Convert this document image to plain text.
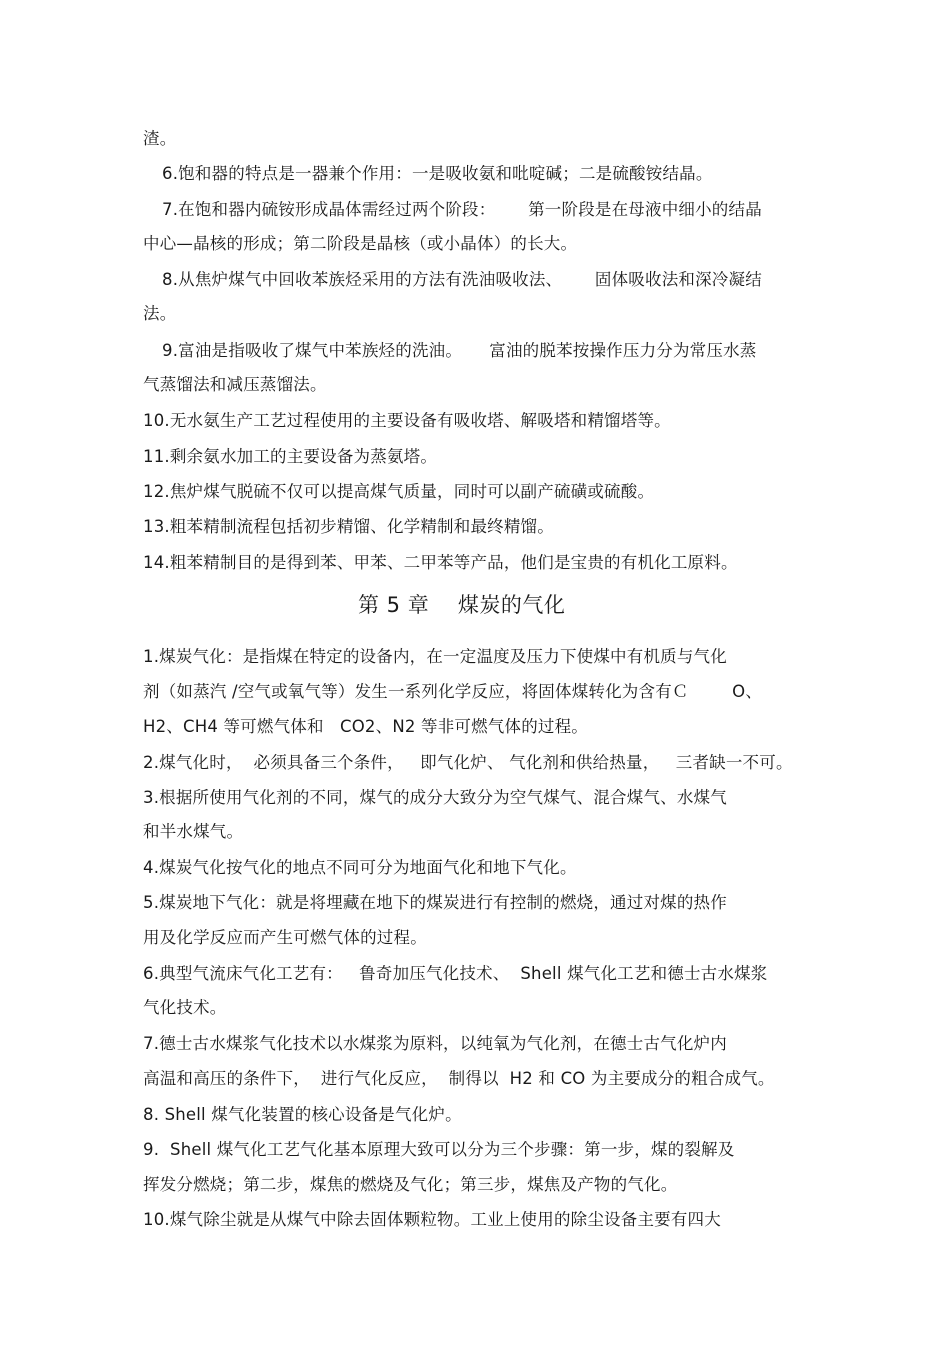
渣。
6.饱和器的特点是一器兼个作用：一是吸收氨和吡啶碱；二是硫酸铵结晶。
7.在饱和器内硫铵形成晶体需经过两个阶段：      第一阶段是在母液中细小的结晶
中心—晶核的形成；第二阶段是晶核（或小晶体）的长大。
8.从焦炉煤气中回收苯族烃采用的方法有洗油吸收法、      固体吸收法和深冷凝结
法。
9.富油是指吸收了煤气中苯族烃的洗油。     富油的脱苯按操作压力分为常压水蒸
气蒸馏法和减压蒸馏法。
10.无水氨生产工艺过程使用的主要设备有吸收塔、解吸塔和精馏塔等。
11.剩余氨水加工的主要设备为蒸氨塔。
12.焦炉煤气脱硫不仅可以提高煤气质量，同时可以副产硫磺或硫酸。
13.粗苯精制流程包括初步精馏、化学精制和最终精馏。
14.粗苯精制目的是得到苯、甲苯、二甲苯等产品，他们是宝贵的有机化工原料。
第 5 章    煤炭的气化
1.煤炭气化：是指煤在特定的设备内，在一定温度及压力下使煤中有机质与气化
剂（如蒸汽 /空气或氧气等）发生一系列化学反应，将固体煤转化为含有Ｃ        O、
H2、CH4 等可燃气体和   CO2、N2 等非可燃气体的过程。
2.煤气化时，  必须具备三个条件，   即气化炉、 气化剂和供给热量，   三者缺一不可。
3.根据所使用气化剂的不同，煤气的成分大致分为空气煤气、混合煤气、水煤气
和半水煤气。
4.煤炭气化按气化的地点不同可分为地面气化和地下气化。
5.煤炭地下气化：就是将埋藏在地下的煤炭进行有控制的燃烧，通过对煤的热作
用及化学反应而产生可燃气体的过程。
6.典型气流床气化工艺有：   鲁奇加压气化技术、  Shell 煤气化工艺和德士古水煤浆
气化技术。
7.德士古水煤浆气化技术以水煤浆为原料，以纯氧为气化剂，在德士古气化炉内
高温和高压的条件下，  进行气化反应，  制得以  H2 和 CO 为主要成分的粗合成气。
8. Shell 煤气化装置的核心设备是气化炉。
9.  Shell 煤气化工艺气化基本原理大致可以分为三个步骤：第一步，煤的裂解及
挥发分燃烧；第二步，煤焦的燃烧及气化；第三步，煤焦及产物的气化。
10.煤气除尘就是从煤气中除去固体颗粒物。工业上使用的除尘设备主要有四大
